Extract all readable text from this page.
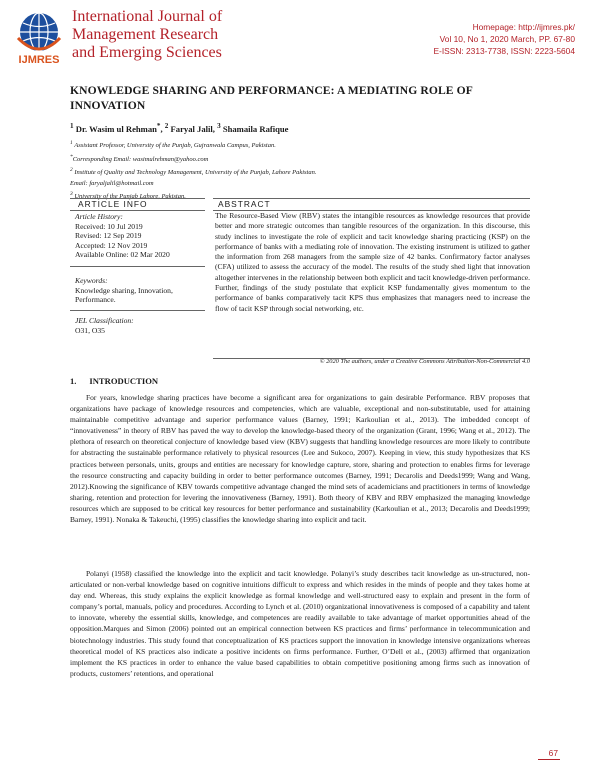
IJMRES
International Journal of
Management Research
and Emerging Sciences
Homepage: http://ijmres.pk/
Vol 10, No 1, 2020 March, PP. 67-80
E-ISSN: 2313-7738, ISSN: 2223-5604
KNOWLEDGE SHARING AND PERFORMANCE: A MEDIATING ROLE OF
INNOVATION
$^1$ Dr. Wasim ul Rehman*, $^2$ Faryal Jalil, $^3$ Shamaila Rafique
$^1$ Assistant Professor, University of the Punjab, Gujranwala Campus, Pakistan.
*Corresponding Email: wasimulrehman@yahoo.com
$^2$ Institute of Quality and Technology Management, University of the Punjab, Lahore Pakistan.
Email: faryaljalil@hotmail.com
$^3$ University of the Punjab Lahore, Pakistan.
ARTICLE INFO	ABSTRACT
Article History:
Received: 10 Jul 2019
Revised: 12 Sep 2019
Accepted: 12 Nov 2019
Available Online: 02 Mar 2020
Keywords:
Knowledge sharing, Innovation,
Performance.
JEL Classification:
O31, O35
The Resource-Based View (RBV) states the intangible resources as knowledge resources that provide better and more strategic outcomes than tangible resources of the organization. In this discourse, this study inclines to investigate the role of explicit and tacit knowledge sharing practicing (KSP) on the performance of banks with a mediating role of innovation. The existing instrument is utilized to gather the information from 268 managers from the sample size of 42 banks. Confirmatory factor analyses (CFA) utilized to assess the accuracy of the model. The results of the study shed light that innovation altogether intervenes in the relationship between both explicit and tacit knowledge-driven performance. Further, findings of the study postulate that explicit KSP fundamentally gives momentum to the performance of banks comparatively tacit KPS thus emphasizes that managers need to increase the flow of tacit KSP through social networking, etc.
© 2020 The authors, under a Creative Commons Attribution-Non-Commercial 4.0
1. INTRODUCTION

For years, knowledge sharing practices have become a significant area for organizations to gain desirable Performance. RBV proposes that organizations have package of knowledge resources and competencies, which are valuable, exceptional and non-substitutable, used for attaining maintainable competitive advantage and superior performance values (Barney, 1991; Karkoulian et al., 2013). The imbedded concept of “innovativeness” in theory of RBV has paved the way to develop the knowledge-based theory of the organization (Grant, 1996; Wang et al., 2012). The plethora of research on theoretical conjecture of knowledge based view (KBV) suggests that handling knowledge resources are more likely to contribute for abstracting the sustainable performance relatively to physical resources (Lee and Sukoco, 2007). Keeping in view, this study hypothesizes that KS practices between personals, units, groups and entities are necessary for knowledge capture, store, sharing and protection to enables firms for leverage the resource constructing and capacity building in order to better performance outcomes (Barney, 1991; Decarolis and Deeds1999; Wang and Wang, 2012).Knowing the significance of KBV towards competitive advantage changed the mind sets of academicians and practitioners in terms of knowledge sharing, retention and protection for levering the innovativeness (Barney, 1991). Both theory of KBV and RBV emphasized the managing knowledge resources which are supposed to be critical key resources for better performance and sustainability (Karkoulian et al., 2013; Decarolis and Deeds1999; Barney, 1991). Nonaka & Takeuchi, (1995) classifies the knowledge sharing into explicit and tacit.

Polanyi (1958) classified the knowledge into the explicit and tacit knowledge. Polanyi’s study describes tacit knowledge as un-structured, non-articulated or non-verbal knowledge based on cognitive intuitions difficult to express and which resides in the minds of people and they takes home at day end. Whereas, this study explains the explicit knowledge as formal knowledge and well-structured easy to explain and present in the form of company’s portal, manuals, policy and procedures. According to Lynch et al. (2010) organizational innovativeness is composed of a capability and talent to innovate, whereby the essential skills, knowledge, and competences are readily available to take advantage of market opportunities ahead of the opposition.Marques and Simon (2006) pointed out an empirical connection between KS practices and firms’ performance in telecommunication and biotechnology industries. This study found that conceptualization of KS practices support the innovation in knowledge intensive organizations whereas theoretical model of KS practices also indicate a positive incidents on firms performance. Further, O’Dell et al., (2003) affirmed that organization implement the KS practices in order to enhance the value based capabilities to obtain competitive positioning among firms such as innovation of products, customers’ retentions, and operational

67
